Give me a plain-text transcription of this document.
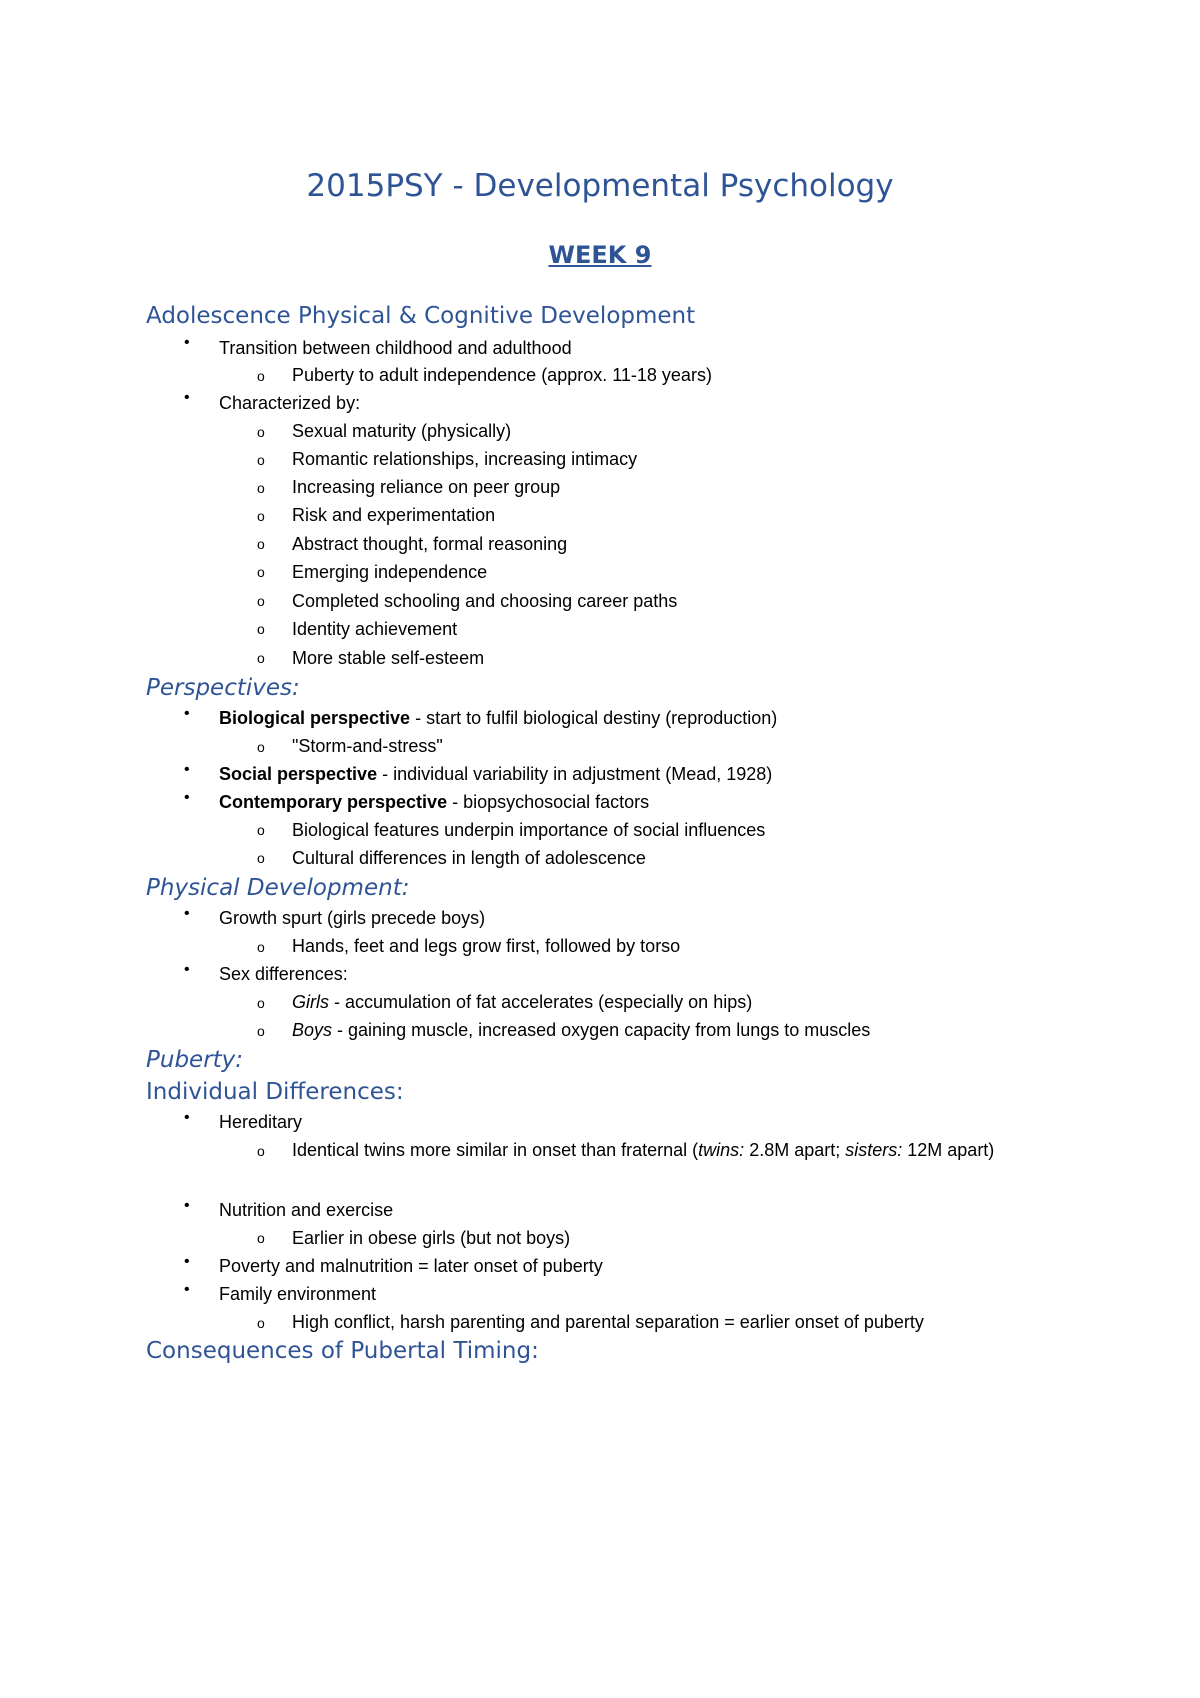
2015PSY - Developmental Psychology
WEEK 9
Adolescence Physical & Cognitive Development
• Transition between childhood and adulthood
o Puberty to adult independence (approx. 11-18 years)
• Characterized by:
o Sexual maturity (physically)
o Romantic relationships, increasing intimacy
o Increasing reliance on peer group
o Risk and experimentation
o Abstract thought, formal reasoning
o Emerging independence
o Completed schooling and choosing career paths
o Identity achievement
o More stable self-esteem
Perspectives:
• Biological perspective - start to fulfil biological destiny (reproduction)
o "Storm-and-stress"
• Social perspective - individual variability in adjustment (Mead, 1928)
• Contemporary perspective - biopsychosocial factors
o Biological features underpin importance of social influences
o Cultural differences in length of adolescence
Physical Development:
• Growth spurt (girls precede boys)
o Hands, feet and legs grow first, followed by torso
• Sex differences:
o Girls - accumulation of fat accelerates (especially on hips)
o Boys - gaining muscle, increased oxygen capacity from lungs to muscles
Puberty:
Individual Differences:
• Hereditary
o Identical twins more similar in onset than fraternal (twins: 2.8M apart; sisters: 12M apart)
• Nutrition and exercise
o Earlier in obese girls (but not boys)
• Poverty and malnutrition = later onset of puberty
• Family environment
o High conflict, harsh parenting and parental separation = earlier onset of puberty
Consequences of Pubertal Timing:
